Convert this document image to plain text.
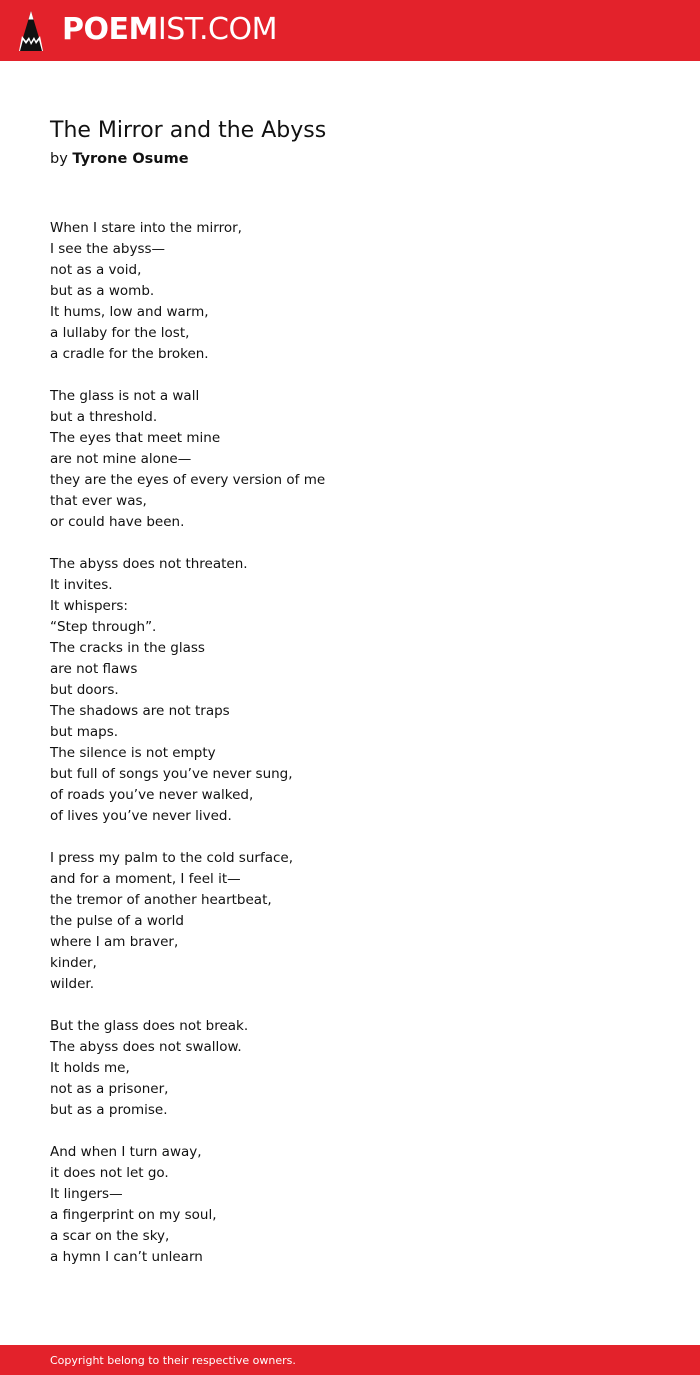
POEMIST.COM
The Mirror and the Abyss
by Tyrone Osume
When I stare into the mirror,
I see the abyss—
not as a void,
but as a womb.
It hums, low and warm,
a lullaby for the lost,
a cradle for the broken.
The glass is not a wall
but a threshold.
The eyes that meet mine
are not mine alone—
they are the eyes of every version of me
that ever was,
or could have been.
The abyss does not threaten.
It invites.
It whispers:
“Step through”.
The cracks in the glass
are not flaws
but doors.
The shadows are not traps
but maps.
The silence is not empty
but full of songs you’ve never sung,
of roads you’ve never walked,
of lives you’ve never lived.
I press my palm to the cold surface,
and for a moment, I feel it—
the tremor of another heartbeat,
the pulse of a world
where I am braver,
kinder,
wilder.
But the glass does not break.
The abyss does not swallow.
It holds me,
not as a prisoner,
but as a promise.
And when I turn away,
it does not let go.
It lingers—
a fingerprint on my soul,
a scar on the sky,
a hymn I can’t unlearn
Copyright belong to their respective owners.
